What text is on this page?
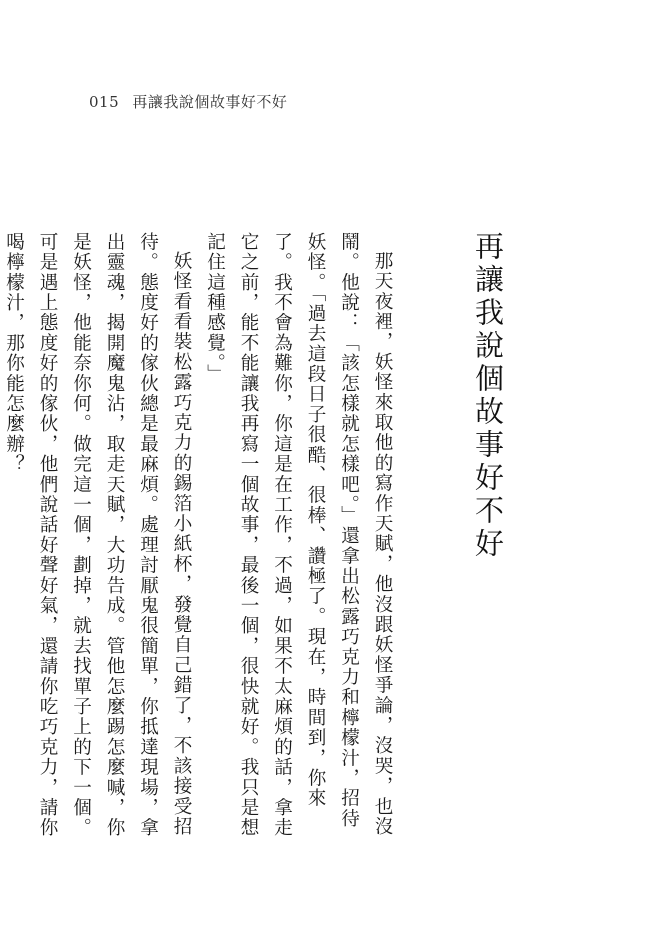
015 再讓我說個故事好不好
再讓我說個故事好不好

那天夜裡，妖怪來取他的寫作天賦，他沒跟妖怪爭論，沒哭，也沒鬧。他說：「該怎樣就怎樣吧。」還拿出松露巧克力和檸檬汁，招待妖怪。「過去這段日子很酷、很棒、讚極了。現在，時間到，你來了。我不會為難你，你這是在工作，不過，如果不太麻煩的話，拿走它之前，能不能讓我再寫一個故事，最後一個，很快就好。我只是想記住這種感覺。」

妖怪看看裝松露巧克力的錫箔小紙杯，發覺自己錯了，不該接受招待。態度好的傢伙總是最麻煩。處理討厭鬼很簡單，你抵達現場，拿出靈魂，揭開魔鬼沾，取走天賦，大功告成。管他怎麼踢怎麼喊，你是妖怪，他能奈你何。做完這一個，劃掉，就去找單子上的下一個。可是遇上態度好的傢伙，他們說話好聲好氣，還請你吃巧克力，請你喝檸檬汁，那你能怎麼辦？
